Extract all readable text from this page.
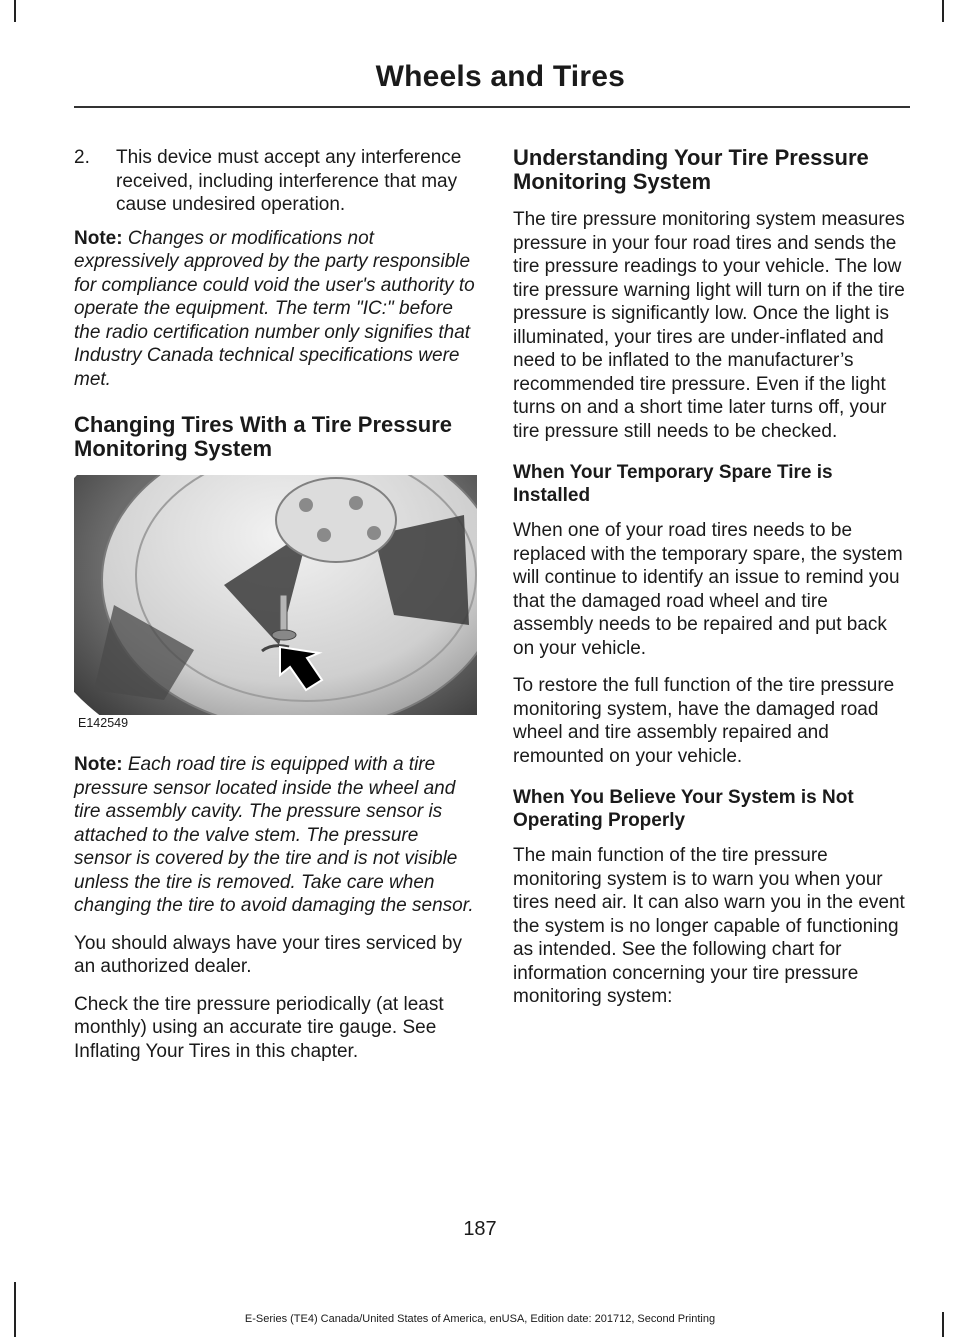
Wheels and Tires
2.	This device must accept any interference received, including interference that may cause undesired operation.

Note: Changes or modifications not expressively approved by the party responsible for compliance could void the user's authority to operate the equipment. The term "IC:" before the radio certification number only signifies that Industry Canada technical specifications were met.

Changing Tires With a Tire Pressure Monitoring System
E142549

Note: Each road tire is equipped with a tire pressure sensor located inside the wheel and tire assembly cavity. The pressure sensor is attached to the valve stem. The pressure sensor is covered by the tire and is not visible unless the tire is removed. Take care when changing the tire to avoid damaging the sensor.

You should always have your tires serviced by an authorized dealer.

Check the tire pressure periodically (at least monthly) using an accurate tire gauge. See Inflating Your Tires in this chapter.

Understanding Your Tire Pressure Monitoring System

The tire pressure monitoring system measures pressure in your four road tires and sends the tire pressure readings to your vehicle. The low tire pressure warning light will turn on if the tire pressure is significantly low. Once the light is illuminated, your tires are under-inflated and need to be inflated to the manufacturer’s recommended tire pressure. Even if the light turns on and a short time later turns off, your tire pressure still needs to be checked.

When Your Temporary Spare Tire is Installed

When one of your road tires needs to be replaced with the temporary spare, the system will continue to identify an issue to remind you that the damaged road wheel and tire assembly needs to be repaired and put back on your vehicle.

To restore the full function of the tire pressure monitoring system, have the damaged road wheel and tire assembly repaired and remounted on your vehicle.

When You Believe Your System is Not Operating Properly

The main function of the tire pressure monitoring system is to warn you when your tires need air. It can also warn you in the event the system is no longer capable of functioning as intended. See the following chart for information concerning your tire pressure monitoring system:

187

E-Series (TE4) Canada/United States of America, enUSA, Edition date: 201712, Second Printing
